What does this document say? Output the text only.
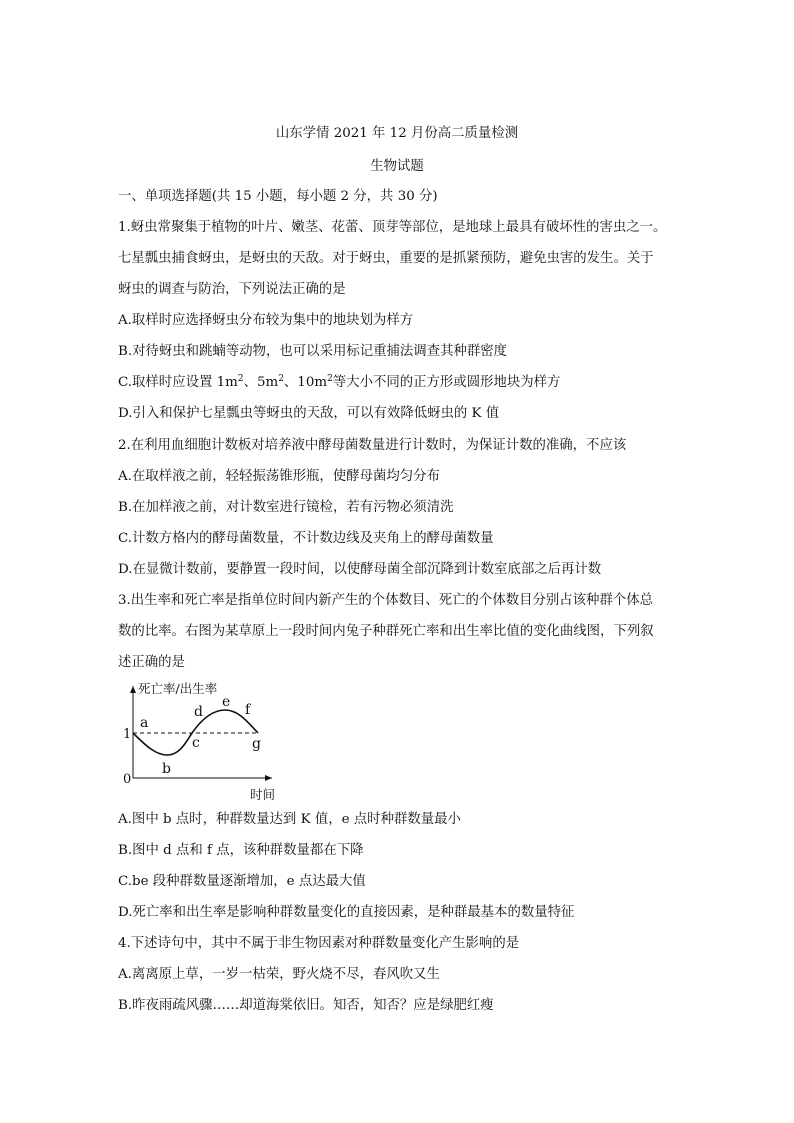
山东学情 2021 年 12 月份高二质量检测
生物试题
一、单项选择题(共 15 小题，每小题 2 分，共 30 分)
1.蚜虫常聚集于植物的叶片、嫩茎、花蕾、顶芽等部位，是地球上最具有破坏性的害虫之一。
七星瓢虫捕食蚜虫，是蚜虫的天敌。对于蚜虫，重要的是抓紧预防，避免虫害的发生。关于
蚜虫的调查与防治，下列说法正确的是
A.取样时应选择蚜虫分布较为集中的地块划为样方
B.对待蚜虫和跳蝻等动物，也可以采用标记重捕法调查其种群密度
C.取样时应设置 $1m^2$、$5m^2$、$10m^2$等大小不同的正方形或圆形地块为样方
D.引入和保护七星瓢虫等蚜虫的天敌，可以有效降低蚜虫的 K 值
2.在利用血细胞计数板对培养液中酵母菌数量进行计数时，为保证计数的准确，不应该
A.在取样液之前，轻轻振荡锥形瓶，使酵母菌均匀分布
B.在加样液之前，对计数室进行镜检，若有污物必须清洗
C.计数方格内的酵母菌数量，不计数边线及夹角上的酵母菌数量
D.在显微计数前，要静置一段时间，以使酵母菌全部沉降到计数室底部之后再计数
3.出生率和死亡率是指单位时间内新产生的个体数目、死亡的个体数目分别占该种群个体总
数的比率。右图为某草原上一段时间内兔子种群死亡率和出生率比值的变化曲线图，下列叙
述正确的是
死亡率/出生率
时间
1
0
a
b
c
d
e f
g
A.图中 b 点时，种群数量达到 K 值，e 点时种群数量最小
B.图中 d 点和 f 点，该种群数量都在下降
C.be 段种群数量逐渐增加，e 点达最大值
D.死亡率和出生率是影响种群数量变化的直接因素，是种群最基本的数量特征
4.下述诗句中，其中不属于非生物因素对种群数量变化产生影响的是
A.离离原上草，一岁一枯荣，野火烧不尽，春风吹又生
B.昨夜雨疏风骤……却道海棠依旧。知否，知否？应是绿肥红瘦
